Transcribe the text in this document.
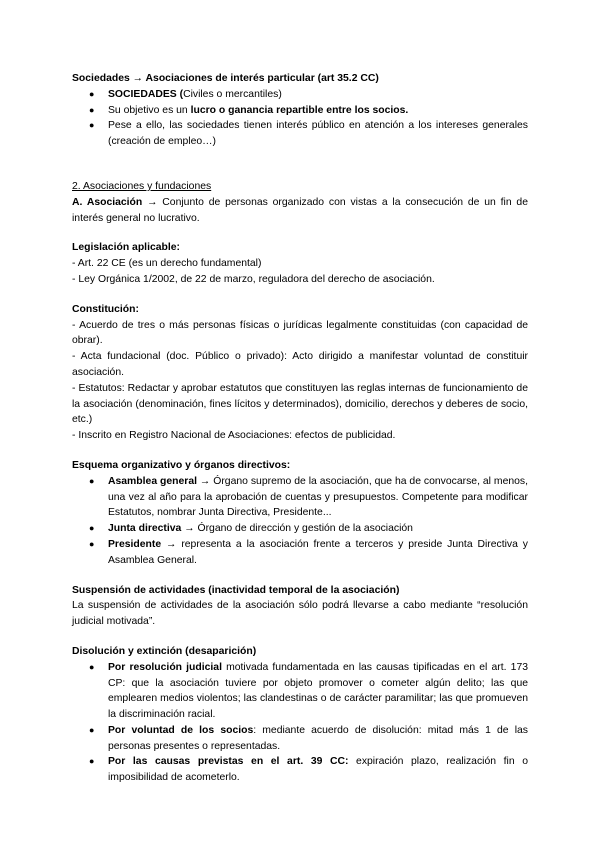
Sociedades → Asociaciones de interés particular (art 35.2 CC)

● SOCIEDADES (Civiles o mercantiles)
● Su objetivo es un lucro o ganancia repartible entre los socios.
● Pese a ello, las sociedades tienen interés público en atención a los intereses generales (creación de empleo…)

2. Asociaciones y fundaciones

A. Asociación → Conjunto de personas organizado con vistas a la consecución de un fin de interés general no lucrativo.

Legislación aplicable:

- Art. 22 CE (es un derecho fundamental)

- Ley Orgánica 1/2002, de 22 de marzo, reguladora del derecho de asociación.

Constitución:

- Acuerdo de tres o más personas físicas o jurídicas legalmente constituidas (con capacidad de obrar).

- Acta fundacional (doc. Público o privado): Acto dirigido a manifestar voluntad de constituir asociación.

- Estatutos: Redactar y aprobar estatutos que constituyen las reglas internas de funcionamiento de la asociación (denominación, fines lícitos y determinados), domicilio, derechos y deberes de socio, etc.)

- Inscrito en Registro Nacional de Asociaciones: efectos de publicidad.

Esquema organizativo y órganos directivos:

● Asamblea general → Órgano supremo de la asociación, que ha de convocarse, al menos, una vez al año para la aprobación de cuentas y presupuestos. Competente para modificar Estatutos, nombrar Junta Directiva, Presidente...
● Junta directiva → Órgano de dirección y gestión de la asociación
● Presidente → representa a la asociación frente a terceros y preside Junta Directiva y Asamblea General.

Suspensión de actividades (inactividad temporal de la asociación)

La suspensión de actividades de la asociación sólo podrá llevarse a cabo mediante “resolución judicial motivada”.

Disolución y extinción (desaparición)

● Por resolución judicial motivada fundamentada en las causas tipificadas en el art. 173 CP: que la asociación tuviere por objeto promover o cometer algún delito; las que emplearen medios violentos; las clandestinas o de carácter paramilitar; las que promueven la discriminación racial.
● Por voluntad de los socios: mediante acuerdo de disolución: mitad más 1 de las personas presentes o representadas.
● Por las causas previstas en el art. 39 CC: expiración plazo, realización fin o imposibilidad de acometerlo.
